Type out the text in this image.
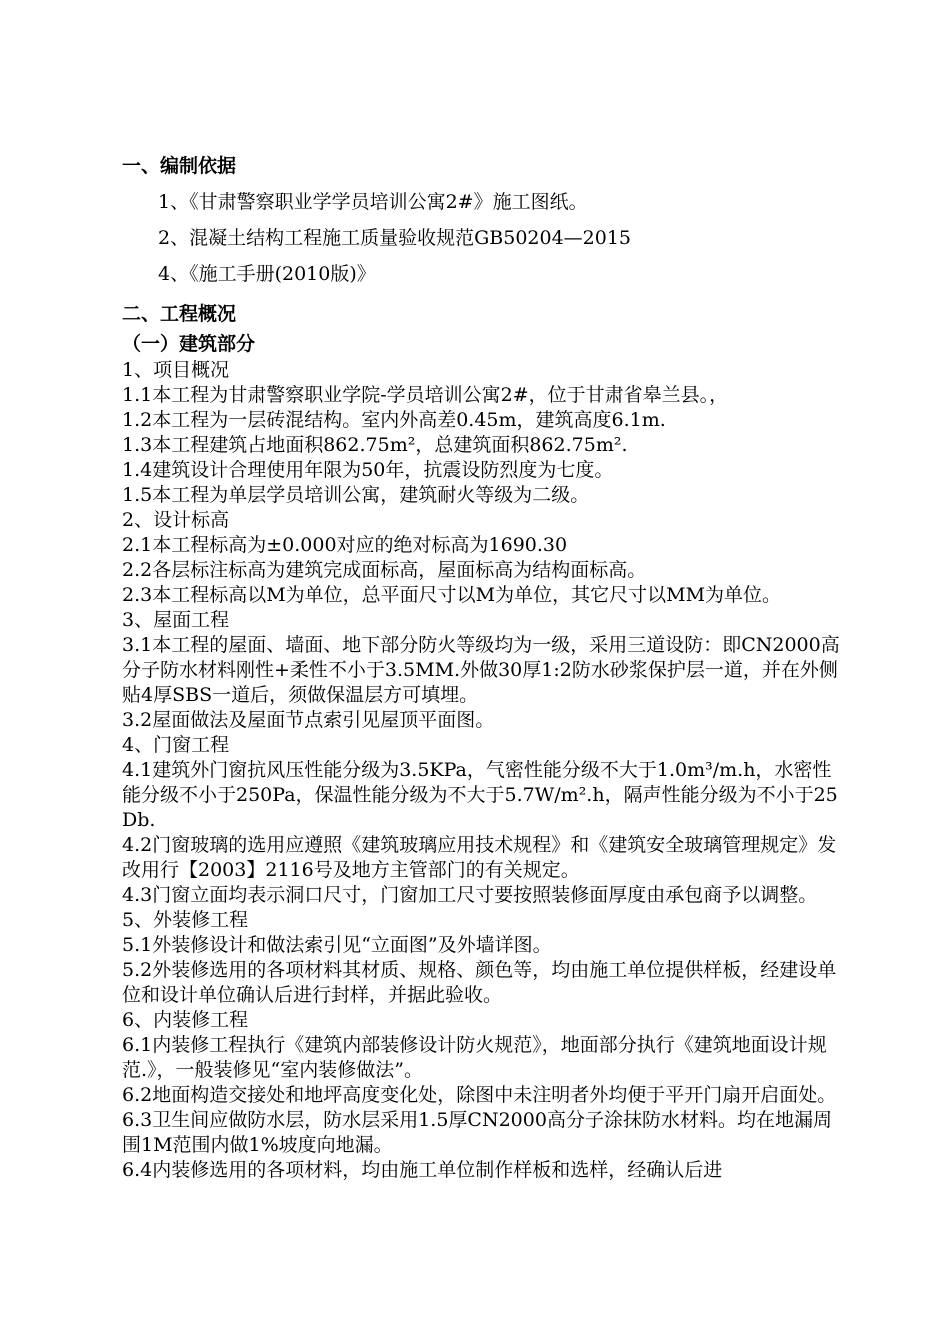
一、编制依据

1、《甘肃警察职业学学员培训公寓2#》施工图纸。

2、混凝土结构工程施工质量验收规范GB50204—2015

4、《施工手册(2010版)》

二、工程概况

（一）建筑部分

1、项目概况

1.1本工程为甘肃警察职业学院-学员培训公寓2#，位于甘肃省皋兰县。，

1.2本工程为一层砖混结构。室内外高差0.45m，建筑高度6.1m.

1.3本工程建筑占地面积862.75m²，总建筑面积862.75m².

1.4建筑设计合理使用年限为50年，抗震设防烈度为七度。

1.5本工程为单层学员培训公寓，建筑耐火等级为二级。

2、设计标高

2.1本工程标高为±0.000对应的绝对标高为1690.30

2.2各层标注标高为建筑完成面标高，屋面标高为结构面标高。

2.3本工程标高以M为单位，总平面尺寸以M为单位，其它尺寸以MM为单位。

3、屋面工程

3.1本工程的屋面、墙面、地下部分防火等级均为一级，采用三道设防：即CN2000高分子防水材料刚性+柔性不小于3.5MM.外做30厚1:2防水砂浆保护层一道，并在外侧贴4厚SBS一道后，须做保温层方可填埋。

3.2屋面做法及屋面节点索引见屋顶平面图。

4、门窗工程

4.1建筑外门窗抗风压性能分级为3.5KPa，气密性能分级不大于1.0m³/m.h，水密性能分级不小于250Pa，保温性能分级为不大于5.7W/m².h，隔声性能分级为不小于25Db.

4.2门窗玻璃的选用应遵照《建筑玻璃应用技术规程》和《建筑安全玻璃管理规定》发改用行【2003】2116号及地方主管部门的有关规定。

4.3门窗立面均表示洞口尺寸，门窗加工尺寸要按照装修面厚度由承包商予以调整。

5、外装修工程

5.1外装修设计和做法索引见“立面图”及外墙详图。

5.2外装修选用的各项材料其材质、规格、颜色等，均由施工单位提供样板，经建设单位和设计单位确认后进行封样，并据此验收。

6、内装修工程

6.1内装修工程执行《建筑内部装修设计防火规范》，地面部分执行《建筑地面设计规范.》，一般装修见“室内装修做法”。

6.2地面构造交接处和地坪高度变化处，除图中未注明者外均便于平开门扇开启面处。

6.3卫生间应做防水层，防水层采用1.5厚CN2000高分子涂抹防水材料。均在地漏周围1M范围内做1%坡度向地漏。

6.4内装修选用的各项材料，均由施工单位制作样板和选样，经确认后进
